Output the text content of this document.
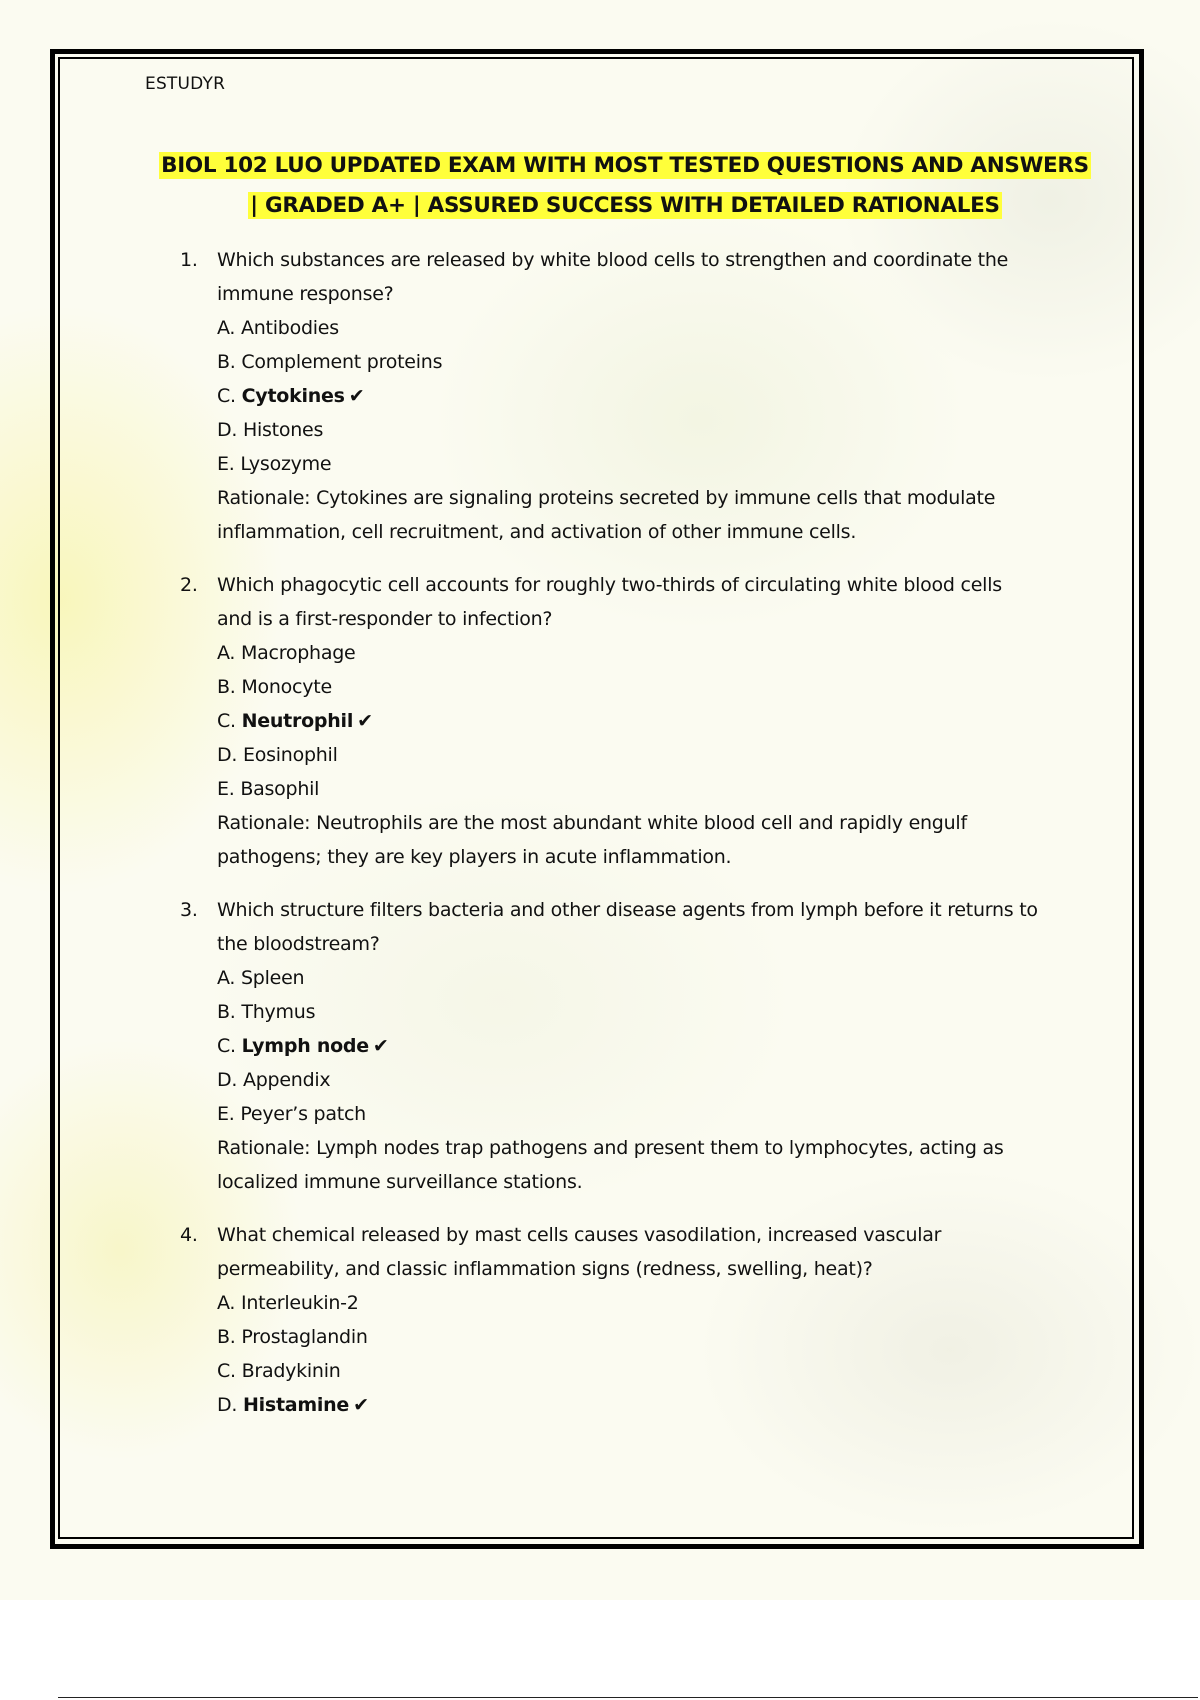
ESTUDYR
BIOL 102 LUO UPDATED EXAM WITH MOST TESTED QUESTIONS AND ANSWERS
| GRADED A+ | ASSURED SUCCESS WITH DETAILED RATIONALES
1. Which substances are released by white blood cells to strengthen and coordinate the
immune response?
A. Antibodies
B. Complement proteins
C. Cytokines ✔
D. Histones
E. Lysozyme
Rationale: Cytokines are signaling proteins secreted by immune cells that modulate
inflammation, cell recruitment, and activation of other immune cells.
2. Which phagocytic cell accounts for roughly two-thirds of circulating white blood cells
and is a first-responder to infection?
A. Macrophage
B. Monocyte
C. Neutrophil ✔
D. Eosinophil
E. Basophil
Rationale: Neutrophils are the most abundant white blood cell and rapidly engulf
pathogens; they are key players in acute inflammation.
3. Which structure filters bacteria and other disease agents from lymph before it returns to
the bloodstream?
A. Spleen
B. Thymus
C. Lymph node ✔
D. Appendix
E. Peyer’s patch
Rationale: Lymph nodes trap pathogens and present them to lymphocytes, acting as
localized immune surveillance stations.
4. What chemical released by mast cells causes vasodilation, increased vascular
permeability, and classic inflammation signs (redness, swelling, heat)?
A. Interleukin-2
B. Prostaglandin
C. Bradykinin
D. Histamine ✔
